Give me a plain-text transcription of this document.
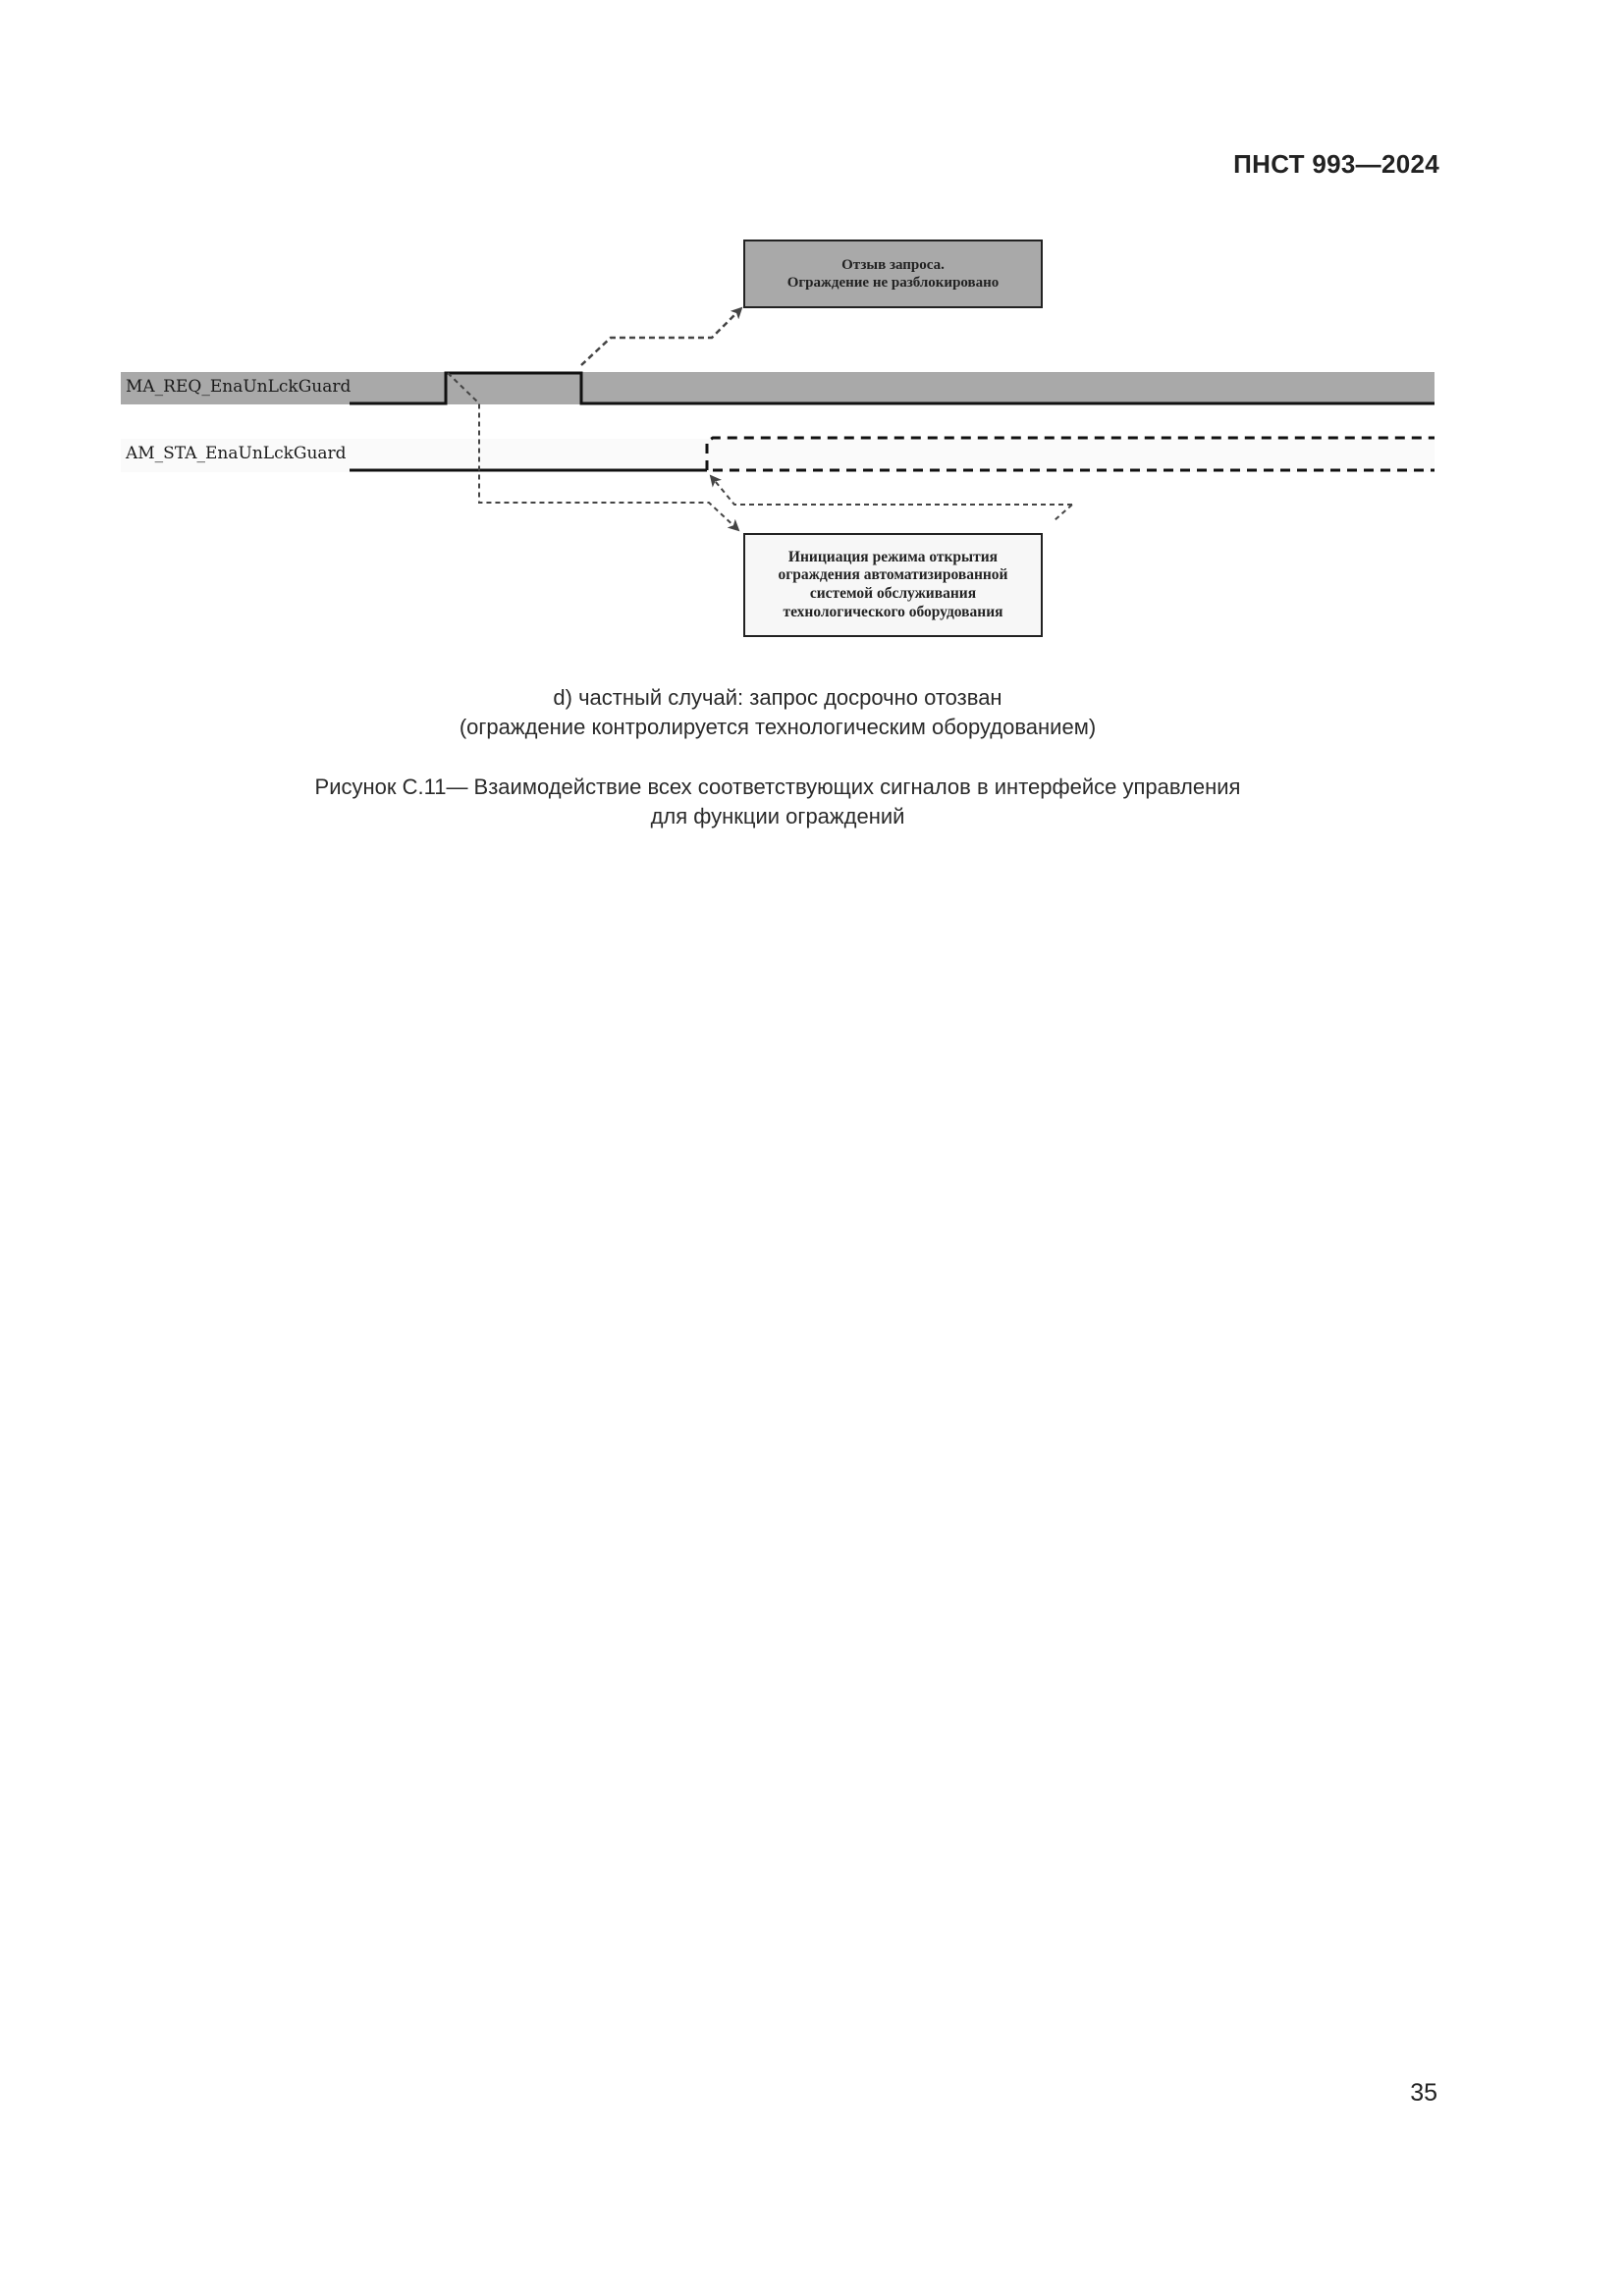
ПНСТ 993—2024
MA_REQ_EnaUnLckGuard
AM_STA_EnaUnLckGuard
Отзыв запроса.
Ограждение не разблокировано
Инициация режима открытия
ограждения автоматизированной
системой обслуживания
технологического оборудования
d) частный случай: запрос досрочно отозван
(ограждение контролируется технологическим оборудованием)
Рисунок С.11— Взаимодействие всех соответствующих сигналов в интерфейсе управления
для функции ограждений
35
